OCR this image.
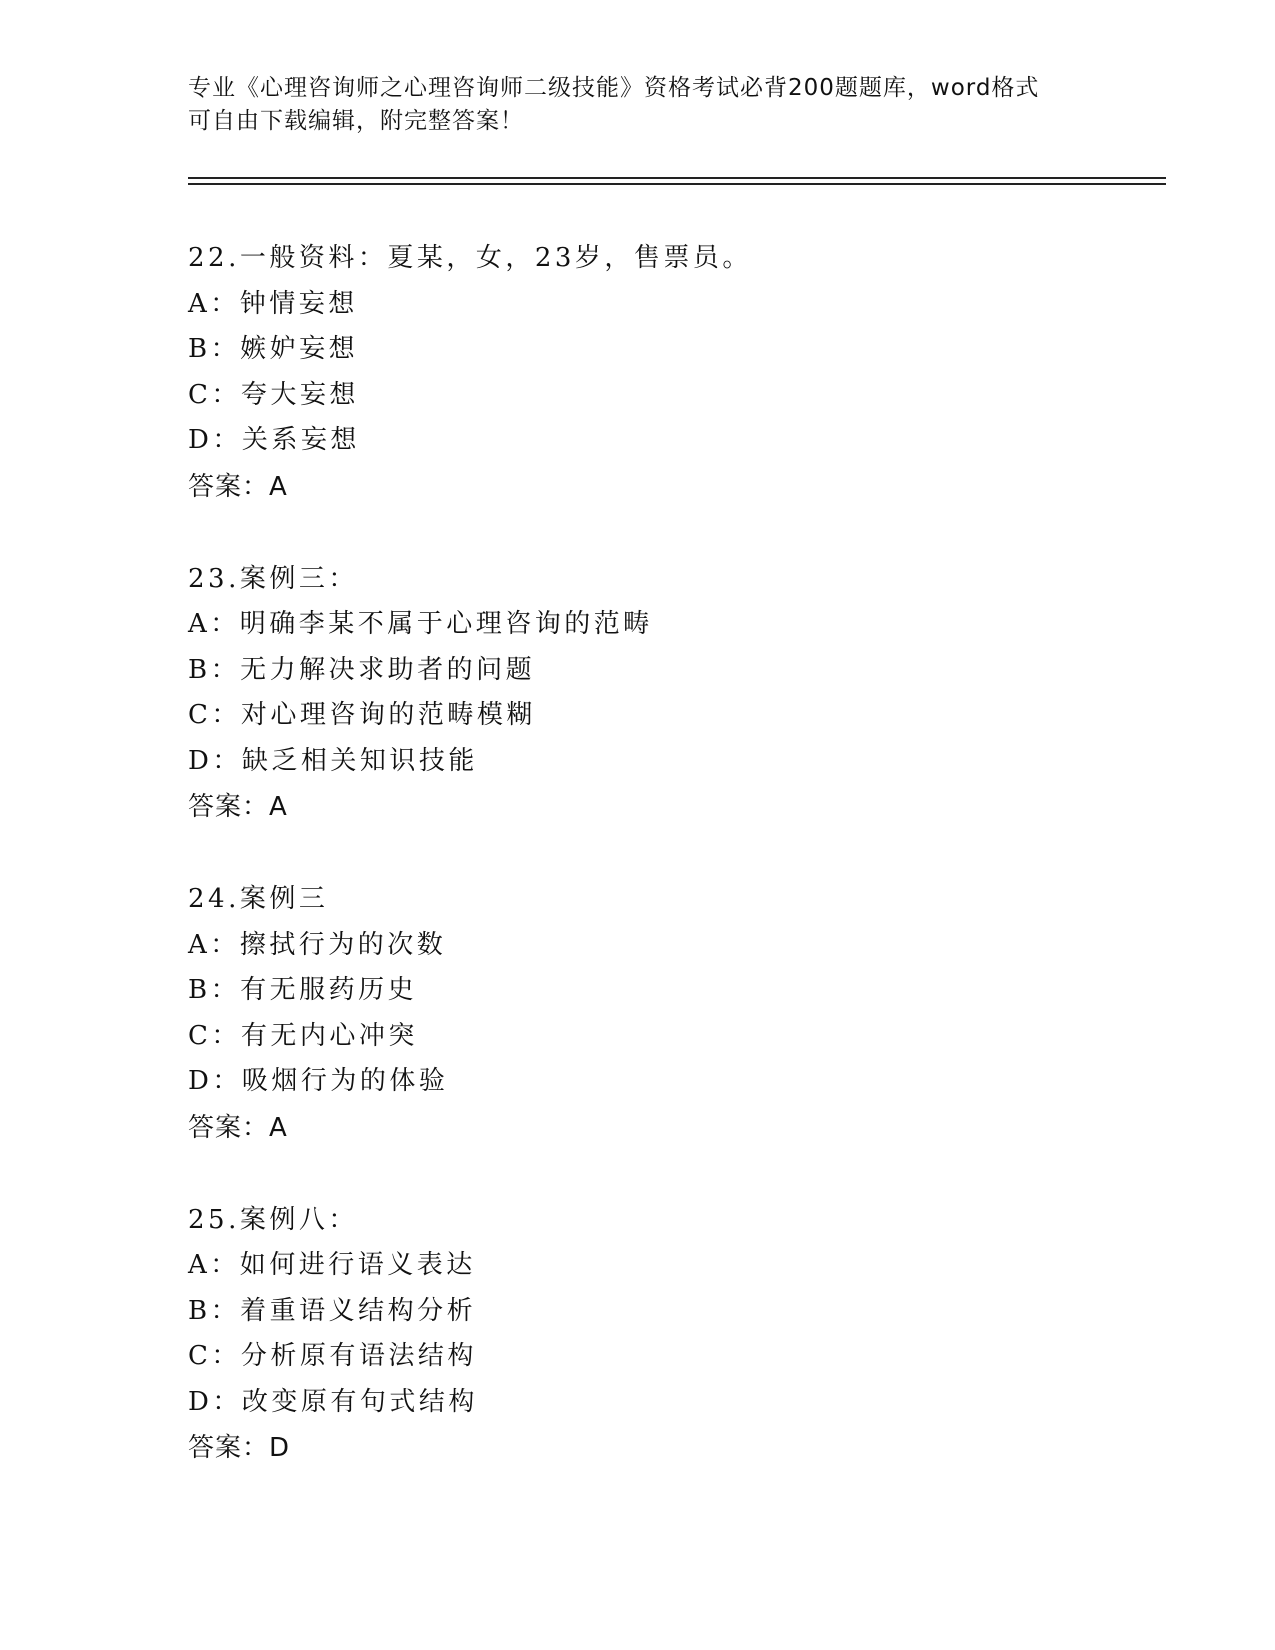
专业《心理咨询师之心理咨询师二级技能》资格考试必背200题题库，word格式
可自由下载编辑，附完整答案！
22.一般资料：夏某，女，23岁，售票员。
A：钟情妄想
B：嫉妒妄想
C：夸大妄想
D：关系妄想
答案：A
23.案例三：
A：明确李某不属于心理咨询的范畴
B：无力解决求助者的问题
C：对心理咨询的范畴模糊
D：缺乏相关知识技能
答案：A
24.案例三
A：擦拭行为的次数
B：有无服药历史
C：有无内心冲突
D：吸烟行为的体验
答案：A
25.案例八：
A：如何进行语义表达
B：着重语义结构分析
C：分析原有语法结构
D：改变原有句式结构
答案：D
